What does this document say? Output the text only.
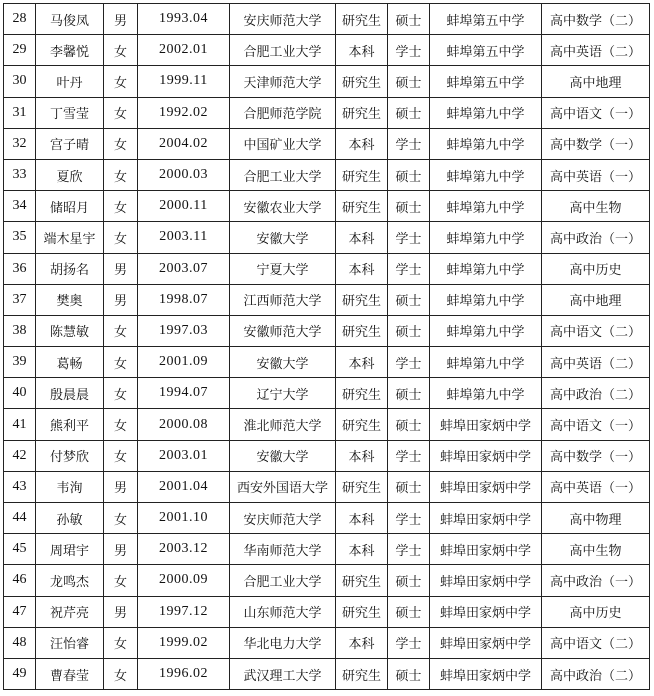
28	马俊凤	男	1993.04	安庆师范大学	研究生	硕士	蚌埠第五中学	高中数学（二）
29	李馨悦	女	2002.01	合肥工业大学	本科	学士	蚌埠第五中学	高中英语（二）
30	叶丹	女	1999.11	天津师范大学	研究生	硕士	蚌埠第五中学	高中地理
31	丁雪莹	女	1992.02	合肥师范学院	研究生	硕士	蚌埠第九中学	高中语文（一）
32	宫子晴	女	2004.02	中国矿业大学	本科	学士	蚌埠第九中学	高中数学（一）
33	夏欣	女	2000.03	合肥工业大学	研究生	硕士	蚌埠第九中学	高中英语（一）
34	储昭月	女	2000.11	安徽农业大学	研究生	硕士	蚌埠第九中学	高中生物
35	端木星宇	女	2003.11	安徽大学	本科	学士	蚌埠第九中学	高中政治（一）
36	胡扬名	男	2003.07	宁夏大学	本科	学士	蚌埠第九中学	高中历史
37	樊奥	男	1998.07	江西师范大学	研究生	硕士	蚌埠第九中学	高中地理
38	陈慧敏	女	1997.03	安徽师范大学	研究生	硕士	蚌埠第九中学	高中语文（二）
39	葛畅	女	2001.09	安徽大学	本科	学士	蚌埠第九中学	高中英语（二）
40	殷晨晨	女	1994.07	辽宁大学	研究生	硕士	蚌埠第九中学	高中政治（二）
41	熊利平	女	2000.08	淮北师范大学	研究生	硕士	蚌埠田家炳中学	高中语文（一）
42	付梦欣	女	2003.01	安徽大学	本科	学士	蚌埠田家炳中学	高中数学（一）
43	韦洵	男	2001.04	西安外国语大学	研究生	硕士	蚌埠田家炳中学	高中英语（一）
44	孙敏	女	2001.10	安庆师范大学	本科	学士	蚌埠田家炳中学	高中物理
45	周珺宇	男	2003.12	华南师范大学	本科	学士	蚌埠田家炳中学	高中生物
46	龙鸣杰	女	2000.09	合肥工业大学	研究生	硕士	蚌埠田家炳中学	高中政治（一）
47	祝芹亮	男	1997.12	山东师范大学	研究生	硕士	蚌埠田家炳中学	高中历史
48	汪怡睿	女	1999.02	华北电力大学	本科	学士	蚌埠田家炳中学	高中语文（二）
49	曹春莹	女	1996.02	武汉理工大学	研究生	硕士	蚌埠田家炳中学	高中政治（二）
